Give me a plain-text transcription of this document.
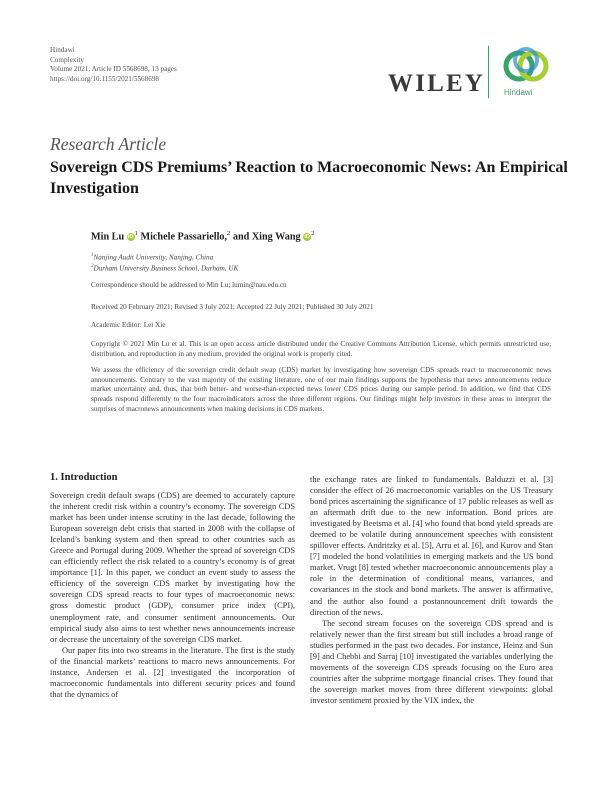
Hindawi
Complexity
Volume 2021, Article ID 5568698, 13 pages
https://doi.org/10.1155/2021/5568698	WILEY Hindawi
Research Article
Sovereign CDS Premiums’ Reaction to Macroeconomic News: An Empirical Investigation
Min Lu $iD^1$ Michele Passariello,$^2$ and Xing Wang $iD^2$
$^1$Nanjing Audit University, Nanjing, China
$^2$Durham University Business School, Durham, UK
Correspondence should be addressed to Min Lu; lumin@nau.edu.cn
Received 20 February 2021; Revised 3 July 2021; Accepted 22 July 2021; Published 30 July 2021
Academic Editor: Lei Xie
Copyright © 2021 Min Lu et al. This is an open access article distributed under the Creative Commons Attribution License, which permits unrestricted use, distribution, and reproduction in any medium, provided the original work is properly cited.
We assess the efficiency of the sovereign credit default swap (CDS) market by investigating how sovereign CDS spreads react to macroeconomic news announcements. Contrary to the vast majority of the existing literature, one of our main findings supports the hypothesis that news announcements reduce market uncertainty and, thus, that both better- and worse-than-expected news lower CDS prices during our sample period. In addition, we find that CDS spreads respond differently to the four macroindicators across the three different regions. Our findings might help investors in these areas to interpret the surprises of macronews announcements when making decisions in CDS markets.
1. Introduction

Sovereign credit default swaps (CDS) are deemed to accurately capture the inherent credit risk within a country’s economy. The sovereign CDS market has been under intense scrutiny in the last decade, following the European sovereign debt crisis that started in 2008 with the collapse of Iceland’s banking system and then spread to other countries such as Greece and Portugal during 2009. Whether the spread of sovereign CDS can efficiently reflect the risk related to a country’s economy is of great importance [1]. In this paper, we conduct an event study to assess the efficiency of the sovereign CDS market by investigating how the sovereign CDS spread reacts to four types of macroeconomic news: gross domestic product (GDP), consumer price index (CPI), unemployment rate, and consumer sentiment announcements. Our empirical study also aims to test whether news announcements increase or decrease the uncertainty of the sovereign CDS market.

Our paper fits into two streams in the literature. The first is the study of the financial markets’ reactions to macro news announcements. For instance, Andersen et al. [2] investigated the incorporation of macroeconomic fundamentals into different security prices and found that the dynamics of

the exchange rates are linked to fundamentals. Balduzzi et al. [3] consider the effect of 26 macroeconomic variables on the US Treasury bond prices ascertaining the significance of 17 public releases as well as an aftermath drift due to the new information. Bond prices are investigated by Beetsma et al. [4] who found that bond yield spreads are deemed to be volatile during announcement speeches with consistent spillover effects. Andritzky et al. [5], Arru et al. [6], and Kurov and Stan [7] modeled the bond volatilities in emerging markets and the US bond market. Vrugt [8] tested whether macroeconomic announcements play a role in the determination of conditional means, variances, and covariances in the stock and bond markets. The answer is affirmative, and the author also found a postannouncement drift towards the direction of the news.

The second stream focuses on the sovereign CDS spread and is relatively newer than the first stream but still includes a broad range of studies performed in the past two decades. For instance, Heinz and Sun [9] and Chebbi and Sarraj [10] investigated the variables underlying the movements of the sovereign CDS spreads focusing on the Euro area countries after the subprime mortgage financial crises. They found that the sovereign market moves from three different viewpoints: global investor sentiment proxied by the VIX index, the
